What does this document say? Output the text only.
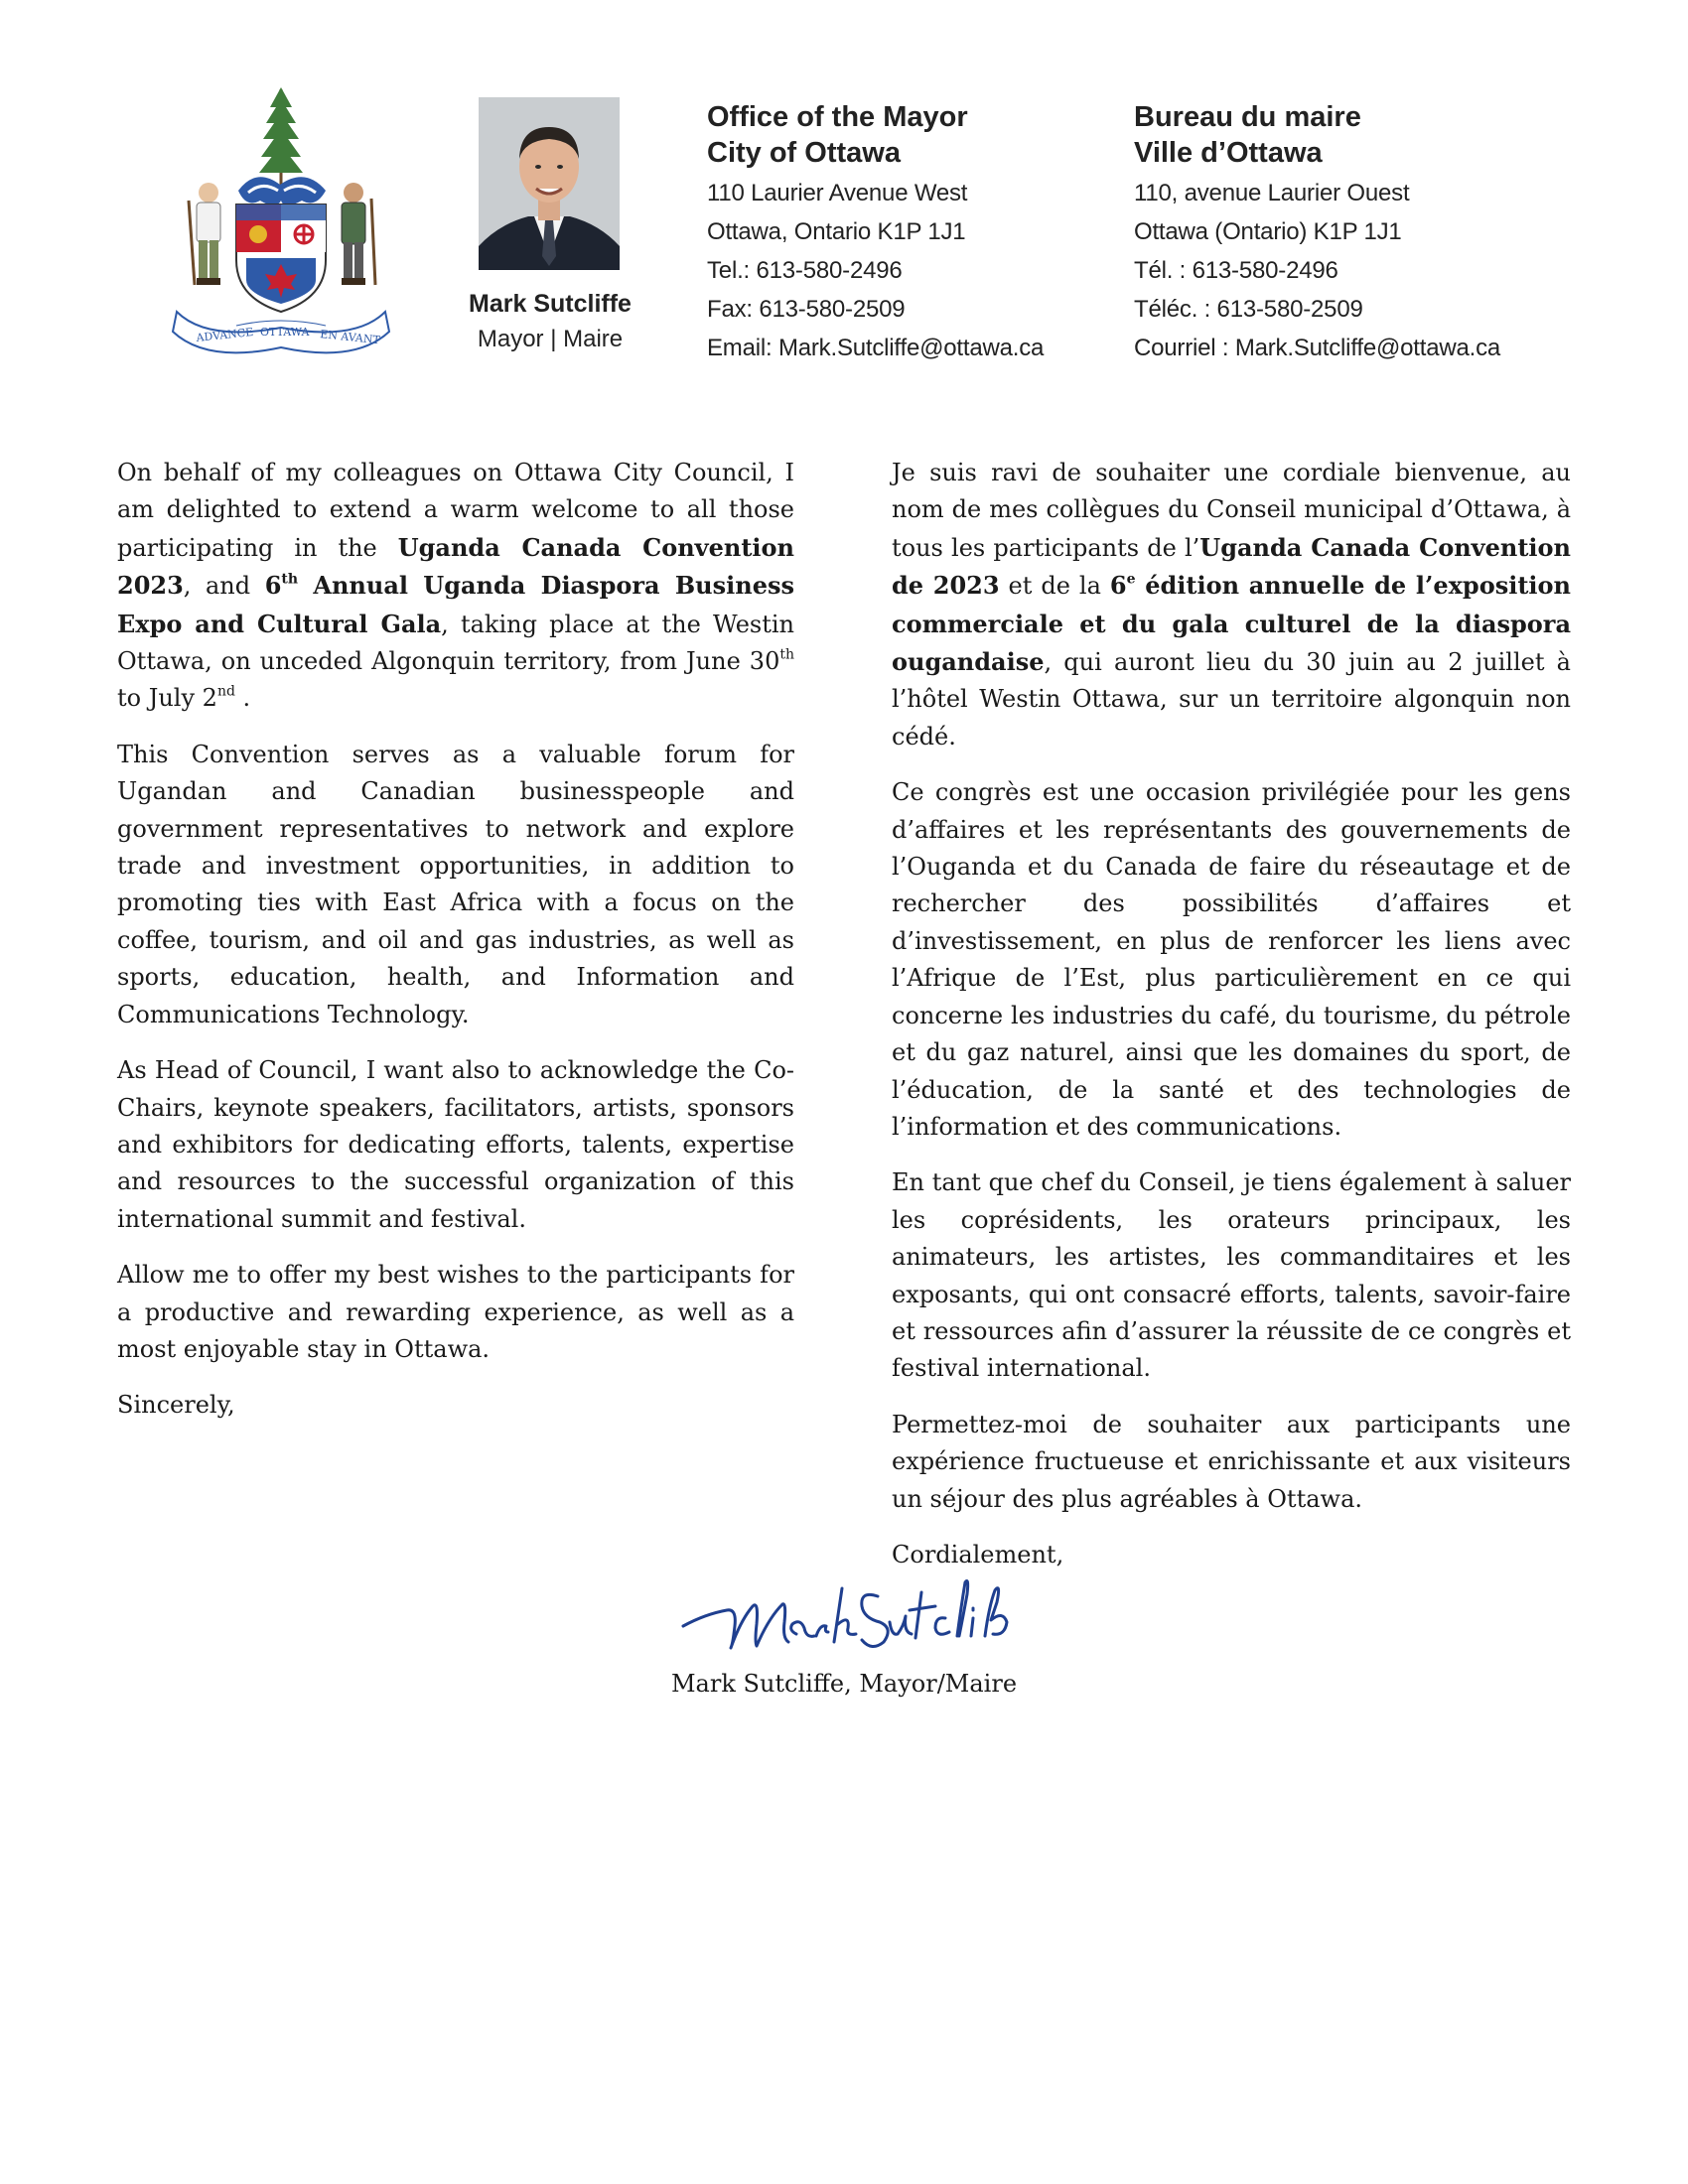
ADVANCE OTTAWA EN AVANT
Mark Sutcliffe
Mayor | Maire
Office of the Mayor
City of Ottawa
110 Laurier Avenue West
Ottawa, Ontario K1P 1J1
Tel.: 613-580-2496
Fax: 613-580-2509
Email: Mark.Sutcliffe@ottawa.ca
Bureau du maire
Ville d’Ottawa
110, avenue Laurier Ouest
Ottawa (Ontario) K1P 1J1
Tél. : 613-580-2496
Téléc. : 613-580-2509
Courriel : Mark.Sutcliffe@ottawa.ca

On behalf of my colleagues on Ottawa City Council, I am delighted to extend a warm welcome to all those participating in the Uganda Canada Convention 2023, and 6th Annual Uganda Diaspora Business Expo and Cultural Gala, taking place at the Westin Ottawa, on unceded Algonquin territory, from June 30th to July 2nd .

This Convention serves as a valuable forum for Ugandan and Canadian businesspeople and government representatives to network and explore trade and investment opportunities, in addition to promoting ties with East Africa with a focus on the coffee, tourism, and oil and gas industries, as well as sports, education, health, and Information and Communications Technology.

As Head of Council, I want also to acknowledge the Co-Chairs, keynote speakers, facilitators, artists, sponsors and exhibitors for dedicating efforts, talents, expertise and resources to the successful organization of this international summit and festival.

Allow me to offer my best wishes to the participants for a productive and rewarding experience, as well as a most enjoyable stay in Ottawa.

Sincerely,

Je suis ravi de souhaiter une cordiale bienvenue, au nom de mes collègues du Conseil municipal d’Ottawa, à tous les participants de l’Uganda Canada Convention de 2023 et de la 6e édition annuelle de l’exposition commerciale et du gala culturel de la diaspora ougandaise, qui auront lieu du 30 juin au 2 juillet à l’hôtel Westin Ottawa, sur un territoire algonquin non cédé.

Ce congrès est une occasion privilégiée pour les gens d’affaires et les représentants des gouvernements de l’Ouganda et du Canada de faire du réseautage et de rechercher des possibilités d’affaires et d’investissement, en plus de renforcer les liens avec l’Afrique de l’Est, plus particulièrement en ce qui concerne les industries du café, du tourisme, du pétrole et du gaz naturel, ainsi que les domaines du sport, de l’éducation, de la santé et des technologies de l’information et des communications.

En tant que chef du Conseil, je tiens également à saluer les coprésidents, les orateurs principaux, les animateurs, les artistes, les commanditaires et les exposants, qui ont consacré efforts, talents, savoir-faire et ressources afin d’assurer la réussite de ce congrès et festival international.

Permettez-moi de souhaiter aux participants une expérience fructueuse et enrichissante et aux visiteurs un séjour des plus agréables à Ottawa.

Cordialement,

Mark Sutcliffe, Mayor/Maire
